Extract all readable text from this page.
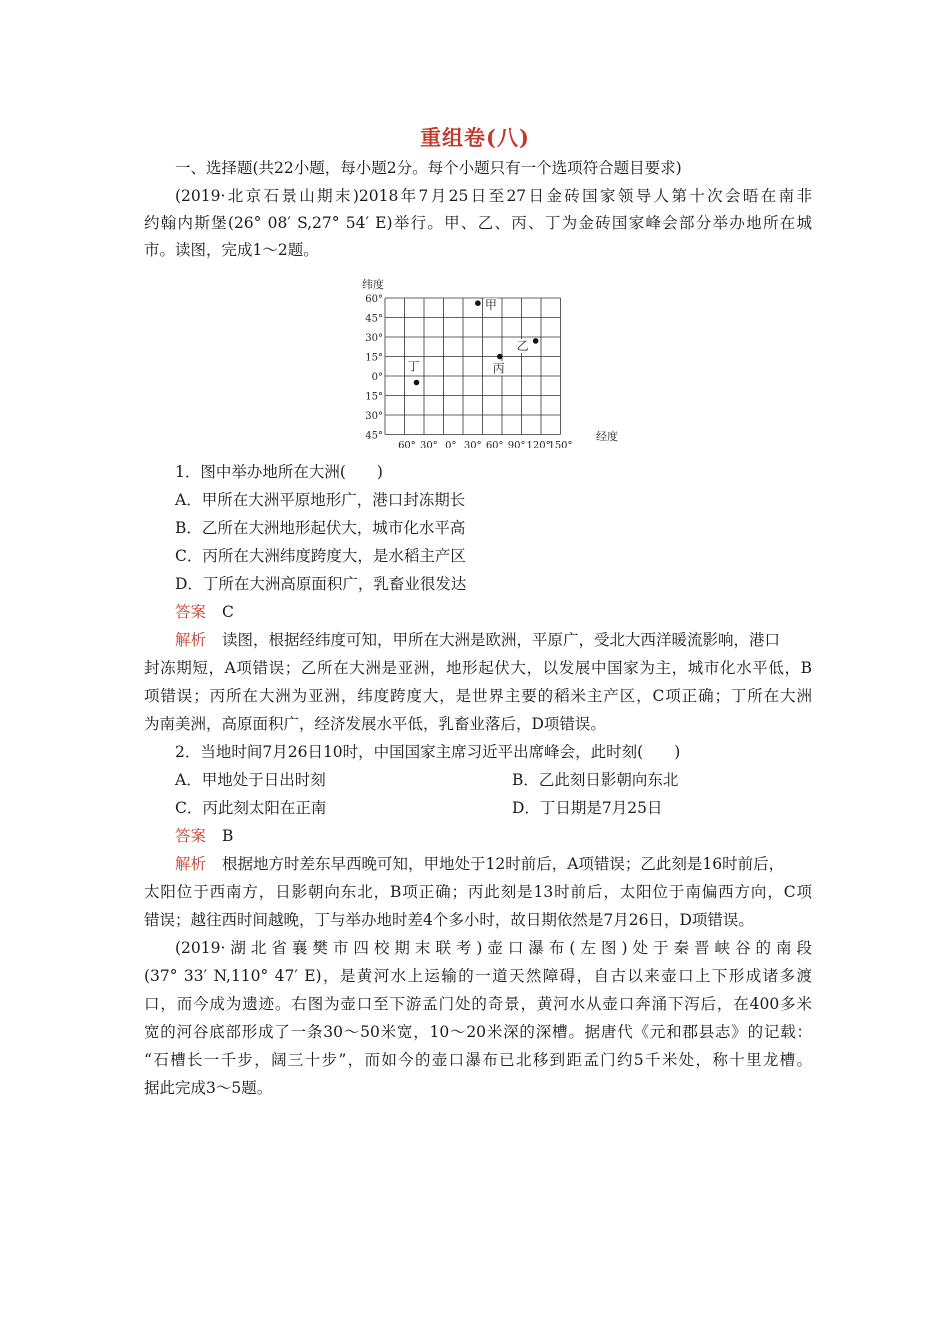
重组卷(八)
一、选择题(共22小题，每小题2分。每个小题只有一个选项符合题目要求)
(2019·北京石景山期末)2018年7月25日至27日金砖国家领导人第十次会晤在南非
约翰内斯堡(26° 08′ S,27° 54′ E)举行。甲、乙、丙、丁为金砖国家峰会部分举办地所在城
市。读图，完成1～2题。
纬度
60°
45°
30°
15°
0°
15°
30°
45°
60° 30° 0° 30° 60° 90° 120°
150°
经度
甲
乙
丙
丁
1．图中举办地所在大洲(　　)
A．甲所在大洲平原地形广，港口封冻期长
B．乙所在大洲地形起伏大，城市化水平高
C．丙所在大洲纬度跨度大，是水稻主产区
D．丁所在大洲高原面积广，乳畜业很发达
答案 C
解析 读图，根据经纬度可知，甲所在大洲是欧洲，平原广，受北大西洋暖流影响，港口
封冻期短，A项错误；乙所在大洲是亚洲，地形起伏大，以发展中国家为主，城市化水平低，B
项错误；丙所在大洲为亚洲，纬度跨度大，是世界主要的稻米主产区，C项正确；丁所在大洲
为南美洲，高原面积广，经济发展水平低，乳畜业落后，D项错误。
2．当地时间7月26日10时，中国国家主席习近平出席峰会，此时刻(　　)
A．甲地处于日出时刻	B．乙此刻日影朝向东北
C．丙此刻太阳在正南	D．丁日期是7月25日
答案 B
解析 根据地方时差东早西晚可知，甲地处于12时前后，A项错误；乙此刻是16时前后，
太阳位于西南方，日影朝向东北，B项正确；丙此刻是13时前后，太阳位于南偏西方向，C项
错误；越往西时间越晚，丁与举办地时差4个多小时，故日期依然是7月26日，D项错误。
(2019·湖北省襄樊市四校期末联考)壶口瀑布(左图)处于秦晋峡谷的南段
(37° 33′ N,110° 47′ E)，是黄河水上运输的一道天然障碍，自古以来壶口上下形成诸多渡
口，而今成为遗迹。右图为壶口至下游孟门处的奇景，黄河水从壶口奔涌下泻后，在400多米
宽的河谷底部形成了一条30～50米宽，10～20米深的深槽。据唐代《元和郡县志》的记载：
“石槽长一千步，阔三十步”，而如今的壶口瀑布已北移到距孟门约5千米处，称十里龙槽。
据此完成3～5题。
